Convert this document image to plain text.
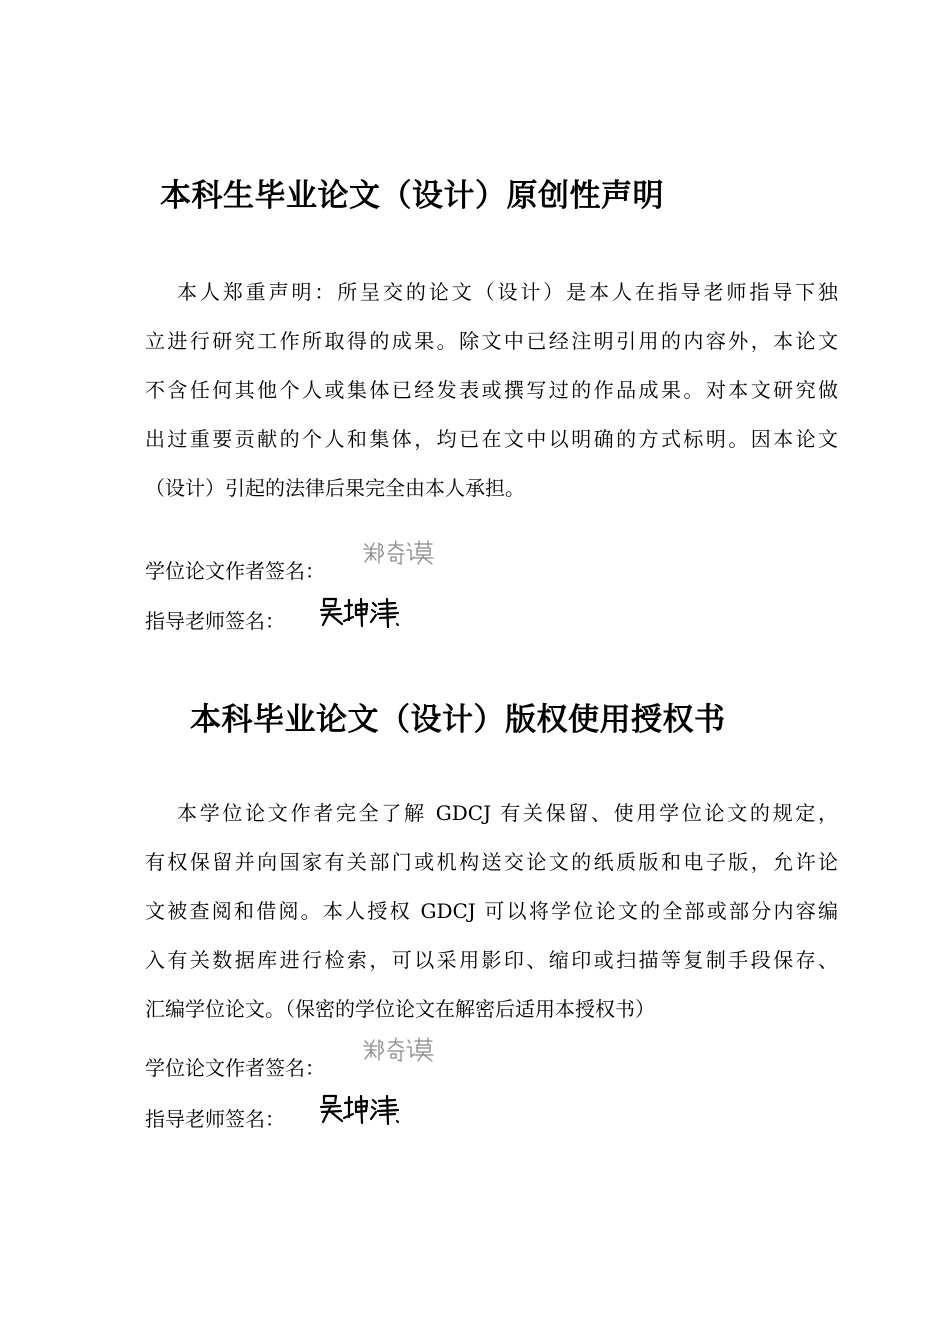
本科生毕业论文（设计）原创性声明
本人郑重声明：所呈交的论文（设计）是本人在指导老师指导下独
立进行研究工作所取得的成果。除文中已经注明引用的内容外，本论文
不含任何其他个人或集体已经发表或撰写过的作品成果。对本文研究做
出过重要贡献的个人和集体，均已在文中以明确的方式标明。因本论文
（设计）引起的法律后果完全由本人承担。
学位论文作者签名：
指导老师签名：
本科毕业论文（设计）版权使用授权书
本学位论文作者完全了解 GDCJ 有关保留、使用学位论文的规定，
有权保留并向国家有关部门或机构送交论文的纸质版和电子版，允许论
文被查阅和借阅。本人授权 GDCJ 可以将学位论文的全部或部分内容编
入有关数据库进行检索，可以采用影印、缩印或扫描等复制手段保存、
汇编学位论文。（保密的学位论文在解密后适用本授权书）
学位论文作者签名：
指导老师签名：
